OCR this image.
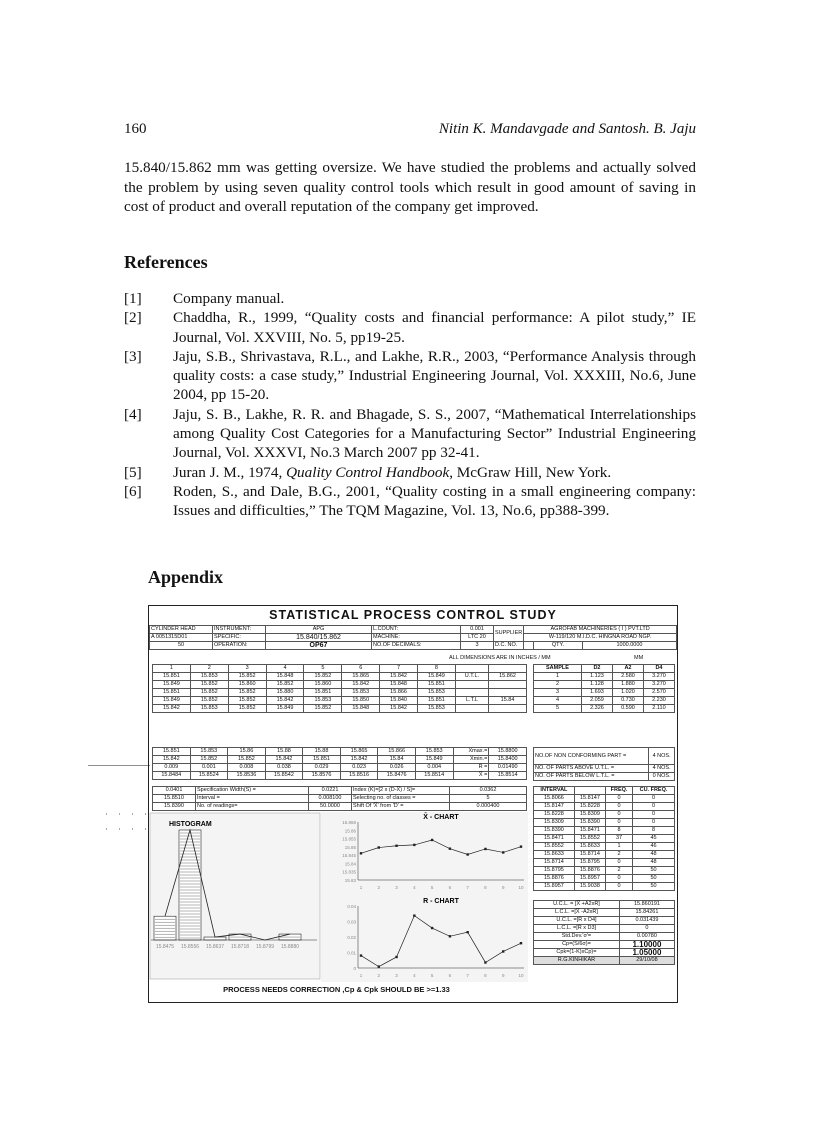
160	Nitin K. Mandavgade and Santosh. B. Jaju
15.840/15.862 mm was getting oversize. We have studied the problems and actually solved the problem by using seven quality control tools which result in good amount of saving in cost of product and overall reputation of the company get improved.
References
[1]	Company manual.
[2]	Chaddha, R., 1999, “Quality costs and financial performance: A pilot study,” IE Journal, Vol. XXVIII, No. 5, pp19-25.
[3]	Jaju, S.B., Shrivastava, R.L., and Lakhe, R.R., 2003, “Performance Analysis through quality costs: a case study,” Industrial Engineering Journal, Vol. XXXIII, No.6, June 2004, pp 15-20.
[4]	Jaju, S. B., Lakhe, R. R. and Bhagade, S. S., 2007, “Mathematical Interrelationships among Quality Cost Categories for a Manufacturing Sector” Industrial Engineering Journal, Vol. XXXVI, No.3 March 2007 pp 32-41.
[5]	Juran J. M., 1974, Quality Control Handbook, McGraw Hill, New York.
[6]	Roden, S., and Dale, B.G., 2001, “Quality costing in a small engineering company: Issues and difficulties,” The TQM Magazine, Vol. 13, No.6, pp388-399.
Appendix
STATISTICAL PROCESS CONTROL STUDY
CYLINDER HEAD	INSTRUMENT:	APG	L.COUNT:	0.001	SUPPLIER	AGROFAB MACHINERIES ( I ) PVT.LTD		
A 0051315D01	SPECIFIC:	15.840/15.862	MACHINE:	LTC 20		W-119/120 M.I.D.C. HINGNA ROAD NGP.		
50	OPERATION:	OP67	NO.OF DECIMALS:	3	D.C. NO.		QTY.	1000.0000
ALL DIMENSIONS ARE IN INCHES / MM	MM
1	2	3	4	5	6	7	8		
15.851	15.853	15.852	15.848	15.852	15.865	15.842	15.849	U.T.L.	15.862
15.849	15.852	15.860	15.852	15.860	15.842	15.848	15.851		
15.851	15.852	15.852	15.880	15.851	15.853	15.866	15.853		
15.849	15.852	15.852	15.842	15.853	15.850	15.840	15.851	L.T.L	15.84
15.842	15.853	15.852	15.849	15.852	15.848	15.842	15.853		
SAMPLE	D2	A2	D4
1	1.123	2.580	3.270
2	1.128	1.880	3.270
3	1.693	1.020	2.570
4	2.059	0.730	2.230
5	2.326	0.590	2.110
15.851	15.853	15.86	15.88	15.88	15.865	15.866	15.853	Xmax.=	15.8800
15.842	15.852	15.852	15.842	15.851	15.842	15.84	15.849	Xmin.=	15.8400
0.009	0.001	0.008	0.038	0.029	0.023	0.026	0.004	R̄ =	0.01490
15.8484	15.8524	15.8536	15.8542	15.8576	15.8516	15.8476	15.8514	X̿ =	15.8514
NO.OF NON CONFORMING PART =	4 NOS.
NO. OF PARTS ABOVE U.T.L. =	4 NOS.
NO. OF PARTS BELOW L.T.L. =	0 NOS.
0.0401	Specification Width(S) =	0.0221	Index (K)=[2 x (D-X̿) / S]=	0.0362
15.8510	Interval =	0.008100	Selecting no. of classes =	5
15.8390	No. of readings=	50.0000	Shift Of 'X̿' from 'D' =	0.000400
INTERVAL		FREQ.	CU. FREQ.
15.8066	15.8147	0	0
15.8147	15.8228	0	0
15.8228	15.8309	0	0
15.8309	15.8390	0	0
15.8390	15.8471	8	8
15.8471	15.8552	37	45
15.8552	15.8633	1	46
15.8633	15.8714	2	48
15.8714	15.8795	0	48
15.8795	15.8876	2	50
15.8876	15.8957	0	50
15.8957	15.9038	0	50
U.C.L. = [X̿ +A2xR̄]	15.860191
L.C.L. =[X̿ -A2xR̄]	15.84261
U.C.L. =[R̄ x D4]	0.031439
L.C.L. =[R̄ x D3]	0
Std.Dev.'σ'=	0.00780
Cp=(S/6σ)=	1.10000
Cpk=(1-K)xCp)=	1.05000
R.G.KINHIKAR	29/10/08
15.8475 15.8556 15.8637 15.8718 15.8799 15.8880
HISTOGRAM	15.868
15.86
15.855
15.85
15.845
15.84
15.835
15.83
1	2	3	4	5	6	7	8	9	10
X̄ - CHART
0.04
0.03
0.02
0.01
0
1	2	3	4	5	6	7	8	9	10
R - CHART
PROCESS NEEDS CORRECTION ,Cp & Cpk SHOULD BE >=1.33
